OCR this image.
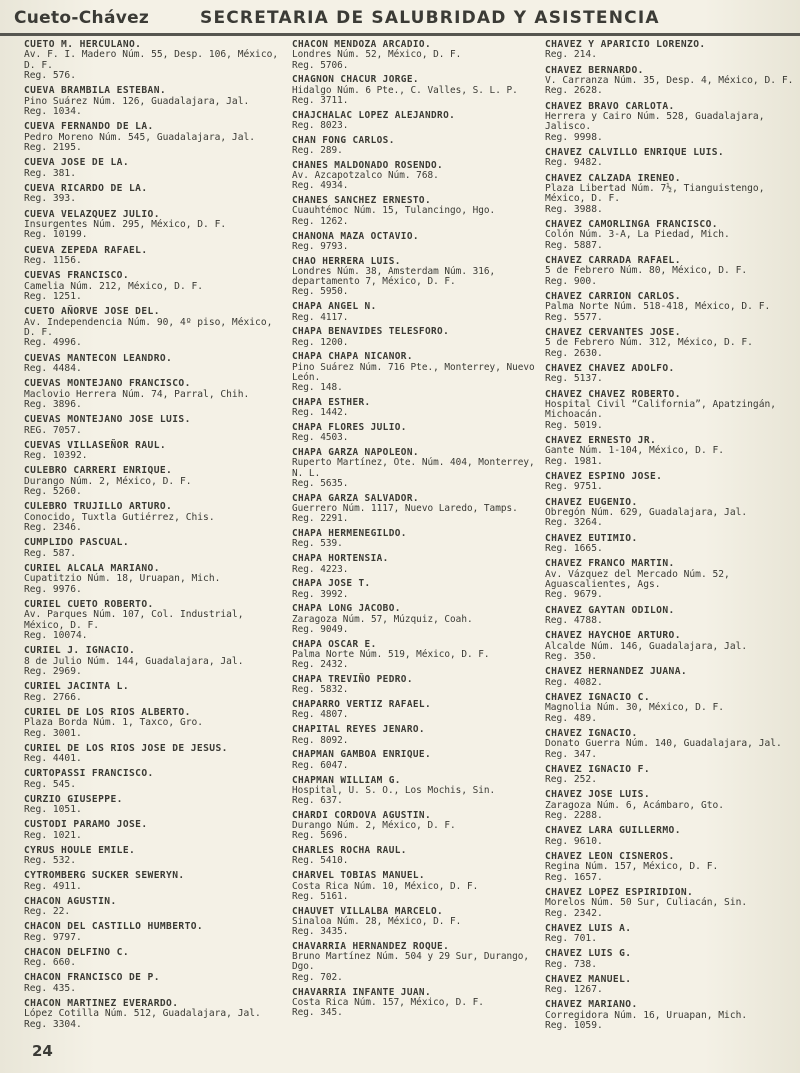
Cueto-Chávez	SECRETARIA DE SALUBRIDAD Y ASISTENCIA
CUETO M. HERCULANO.
Av. F. I. Madero Núm. 55, Desp. 106, México, D. F.
Reg. 576.
CUEVA BRAMBILA ESTEBAN.
Pino Suárez Núm. 126, Guadalajara, Jal.
Reg. 1034.
CUEVA FERNANDO DE LA.
Pedro Moreno Núm. 545, Guadalajara, Jal.
Reg. 2195.
CUEVA JOSE DE LA.
Reg. 381.
CUEVA RICARDO DE LA.
Reg. 393.
CUEVA VELAZQUEZ JULIO.
Insurgentes Núm. 295, México, D. F.
Reg. 10199.
CUEVA ZEPEDA RAFAEL.
Reg. 1156.
CUEVAS FRANCISCO.
Camelia Núm. 212, México, D. F.
Reg. 1251.
CUETO AÑORVE JOSE DEL.
Av. Independencia Núm. 90, 4º piso, México, D. F.
Reg. 4996.
CUEVAS MANTECON LEANDRO.
Reg. 4484.
CUEVAS MONTEJANO FRANCISCO.
Maclovio Herrera Núm. 74, Parral, Chih.
Reg. 3896.
CUEVAS MONTEJANO JOSE LUIS.
REG. 7057.
CUEVAS VILLASEÑOR RAUL.
Reg. 10392.
CULEBRO CARRERI ENRIQUE.
Durango Núm. 2, México, D. F.
Reg. 5260.
CULEBRO TRUJILLO ARTURO.
Conocido, Tuxtla Gutiérrez, Chis.
Reg. 2346.
CUMPLIDO PASCUAL.
Reg. 587.
CURIEL ALCALA MARIANO.
Cupatitzio Núm. 18, Uruapan, Mich.
Reg. 9976.
CURIEL CUETO ROBERTO.
Av. Parques Núm. 107, Col. Industrial, México, D. F.
Reg. 10074.
CURIEL J. IGNACIO.
8 de Julio Núm. 144, Guadalajara, Jal.
Reg. 2969.
CURIEL JACINTA L.
Reg. 2766.
CURIEL DE LOS RIOS ALBERTO.
Plaza Borda Núm. 1, Taxco, Gro.
Reg. 3001.
CURIEL DE LOS RIOS JOSE DE JESUS.
Reg. 4401.
CURTOPASSI FRANCISCO.
Reg. 545.
CURZIO GIUSEPPE.
Reg. 1051.
CUSTODI PARAMO JOSE.
Reg. 1021.
CYRUS HOULE EMILE.
Reg. 532.
CYTROMBERG SUCKER SEWERYN.
Reg. 4911.
CHACON AGUSTIN.
Reg. 22.
CHACON DEL CASTILLO HUMBERTO.
Reg. 9797.
CHACON DELFINO C.
Reg. 660.
CHACON FRANCISCO DE P.
Reg. 435.
CHACON MARTINEZ EVERARDO.
López Cotilla Núm. 512, Guadalajara, Jal.
Reg. 3304.
CHACON MENDOZA ARCADIO.
Londres Núm. 52, México, D. F.
Reg. 5706.
CHAGNON CHACUR JORGE.
Hidalgo Núm. 6 Pte., C. Valles, S. L. P.
Reg. 3711.
CHAJCHALAC LOPEZ ALEJANDRO.
Reg. 8023.
CHAN FONG CARLOS.
Reg. 289.
CHANES MALDONADO ROSENDO.
Av. Azcapotzalco Núm. 768.
Reg. 4934.
CHANES SANCHEZ ERNESTO.
Cuauhtémoc Núm. 15, Tulancingo, Hgo.
Reg. 1262.
CHANONA MAZA OCTAVIO.
Reg. 9793.
CHAO HERRERA LUIS.
Londres Núm. 38, Amsterdam Núm. 316, departamento 7, México, D. F.
Reg. 5950.
CHAPA ANGEL N.
Reg. 4117.
CHAPA BENAVIDES TELESFORO.
Reg. 1200.
CHAPA CHAPA NICANOR.
Pino Suárez Núm. 716 Pte., Monterrey, Nuevo León.
Reg. 148.
CHAPA ESTHER.
Reg. 1442.
CHAPA FLORES JULIO.
Reg. 4503.
CHAPA GARZA NAPOLEON.
Ruperto Martínez, Ote. Núm. 404, Monterrey, N. L.
Reg. 5635.
CHAPA GARZA SALVADOR.
Guerrero Núm. 1117, Nuevo Laredo, Tamps.
Reg. 2291.
CHAPA HERMENEGILDO.
Reg. 539.
CHAPA HORTENSIA.
Reg. 4223.
CHAPA JOSE T.
Reg. 3992.
CHAPA LONG JACOBO.
Zaragoza Núm. 57, Múzquiz, Coah.
Reg. 9049.
CHAPA OSCAR E.
Palma Norte Núm. 519, México, D. F.
Reg. 2432.
CHAPA TREVIÑO PEDRO.
Reg. 5832.
CHAPARRO VERTIZ RAFAEL.
Reg. 4807.
CHAPITAL REYES JENARO.
Reg. 8092.
CHAPMAN GAMBOA ENRIQUE.
Reg. 6047.
CHAPMAN WILLIAM G.
Hospital, U. S. O., Los Mochis, Sin.
Reg. 637.
CHARDI CORDOVA AGUSTIN.
Durango Núm. 2, México, D. F.
Reg. 5696.
CHARLES ROCHA RAUL.
Reg. 5410.
CHARVEL TOBIAS MANUEL.
Costa Rica Núm. 10, México, D. F.
Reg. 5161.
CHAUVET VILLALBA MARCELO.
Sinaloa Núm. 28, México, D. F.
Reg. 3435.
CHAVARRIA HERNANDEZ ROQUE.
Bruno Martínez Núm. 504 y 29 Sur, Durango, Dgo.
Reg. 702.
CHAVARRIA INFANTE JUAN.
Costa Rica Núm. 157, México, D. F.
Reg. 345.
CHAVEZ Y APARICIO LORENZO.
Reg. 214.
CHAVEZ BERNARDO.
V. Carranza Núm. 35, Desp. 4, México, D. F.
Reg. 2628.
CHAVEZ BRAVO CARLOTA.
Herrera y Cairo Núm. 528, Guadalajara, Jalisco.
Reg. 9998.
CHAVEZ CALVILLO ENRIQUE LUIS.
Reg. 9482.
CHAVEZ CALZADA IRENEO.
Plaza Libertad Núm. 7½, Tianguistengo, México, D. F.
Reg. 3988.
CHAVEZ CAMORLINGA FRANCISCO.
Colón Núm. 3-A, La Piedad, Mich.
Reg. 5887.
CHAVEZ CARRADA RAFAEL.
5 de Febrero Núm. 80, México, D. F.
Reg. 900.
CHAVEZ CARRION CARLOS.
Palma Norte Núm. 518-418, México, D. F.
Reg. 5577.
CHAVEZ CERVANTES JOSE.
5 de Febrero Núm. 312, México, D. F.
Reg. 2630.
CHAVEZ CHAVEZ ADOLFO.
Reg. 5137.
CHAVEZ CHAVEZ ROBERTO.
Hospital Civil “California”, Apatzingán, Michoacán.
Reg. 5019.
CHAVEZ ERNESTO JR.
Gante Núm. 1-104, México, D. F.
Reg. 1981.
CHAVEZ ESPINO JOSE.
Reg. 9751.
CHAVEZ EUGENIO.
Obregón Núm. 629, Guadalajara, Jal.
Reg. 3264.
CHAVEZ EUTIMIO.
Reg. 1665.
CHAVEZ FRANCO MARTIN.
Av. Vázquez del Mercado Núm. 52, Aguascalientes, Ags.
Reg. 9679.
CHAVEZ GAYTAN ODILON.
Reg. 4788.
CHAVEZ HAYCHOE ARTURO.
Alcalde Núm. 146, Guadalajara, Jal.
Reg. 350.
CHAVEZ HERNANDEZ JUANA.
Reg. 4082.
CHAVEZ IGNACIO C.
Magnolia Núm. 30, México, D. F.
Reg. 489.
CHAVEZ IGNACIO.
Donato Guerra Núm. 140, Guadalajara, Jal.
Reg. 347.
CHAVEZ IGNACIO F.
Reg. 252.
CHAVEZ JOSE LUIS.
Zaragoza Núm. 6, Acámbaro, Gto.
Reg. 2288.
CHAVEZ LARA GUILLERMO.
Reg. 9610.
CHAVEZ LEON CISNEROS.
Regina Núm. 157, México, D. F.
Reg. 1657.
CHAVEZ LOPEZ ESPIRIDION.
Morelos Núm. 50 Sur, Culiacán, Sin.
Reg. 2342.
CHAVEZ LUIS A.
Reg. 701.
CHAVEZ LUIS G.
Reg. 738.
CHAVEZ MANUEL.
Reg. 1267.
CHAVEZ MARIANO.
Corregidora Núm. 16, Uruapan, Mich.
Reg. 1059.
24
